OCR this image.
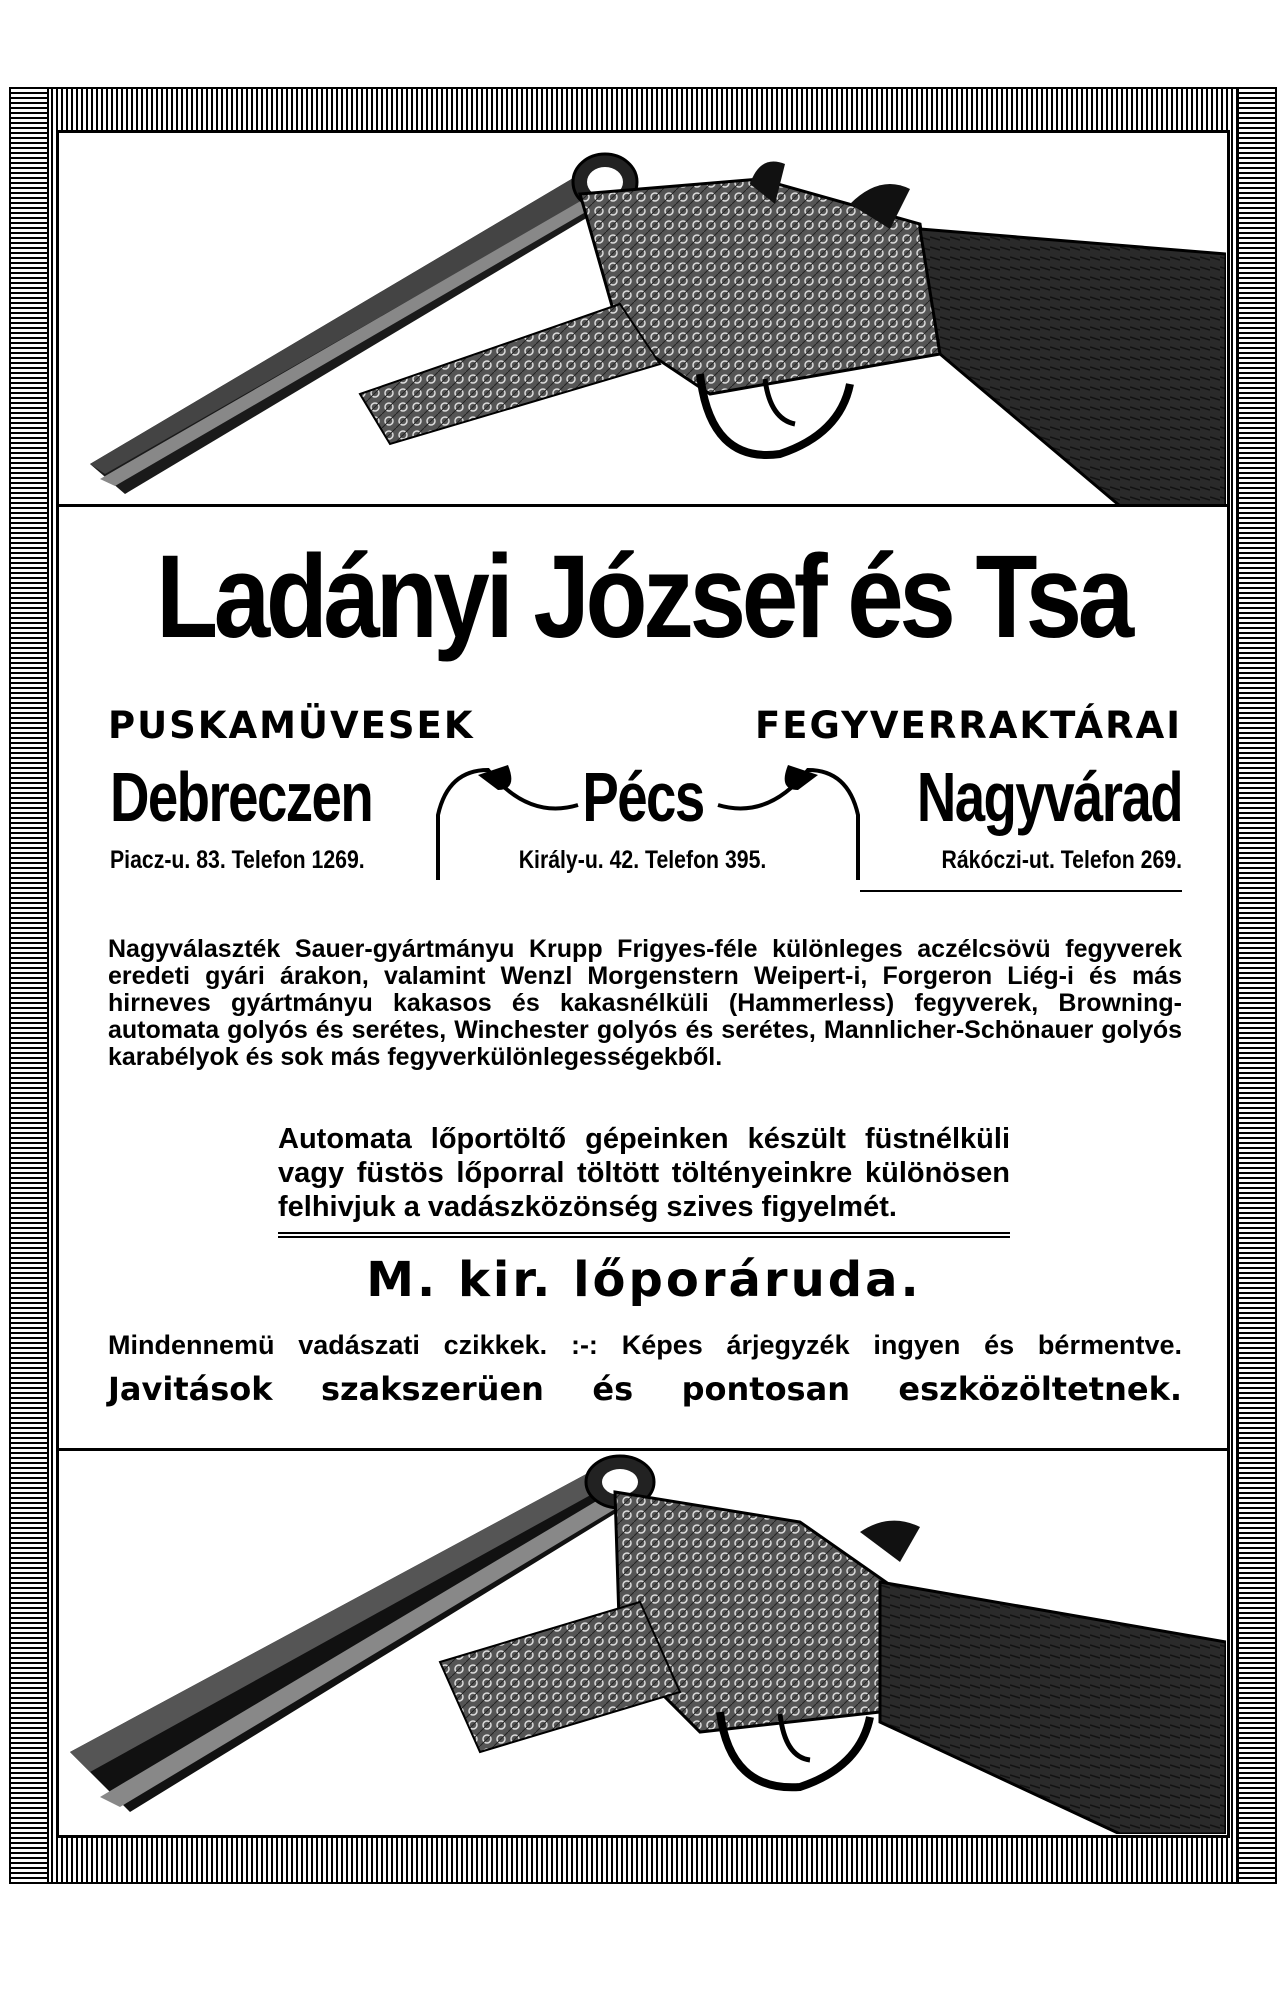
Ladányi József és Tsa
PUSKAMÜVESEK FEGYVERRAKTÁRAI
Debreczen	Pécs	Nagyvárad
Piacz-u. 83. Telefon 1269.	Király-u. 42. Telefon 395.	Rákóczi-ut. Telefon 269.
Nagyválaszték Sauer-gyártmányu Krupp Frigyes-féle különleges aczélcsövü fegyverek eredeti gyári árakon, valamint Wenzl Morgenstern Weipert-i, Forgeron Liég-i és más hirneves gyártmányu kakasos és kakasnélküli (Hammerless) fegyverek, Browning-automata golyós és serétes, Winchester golyós és serétes, Mannlicher-Schönauer golyós karabélyok és sok más fegyverkülönlegességekből.
Automata lőportöltő gépeinken készült füstnélküli vagy füstös lőporral töltött töltényeinkre különösen felhivjuk a vadászközönség szives figyelmét.
M. kir. lőporáruda.
Mindennemü vadászati czikkek. :-: Képes árjegyzék ingyen és bérmentve.
Javitások szakszerüen és pontosan eszközöltetnek.
